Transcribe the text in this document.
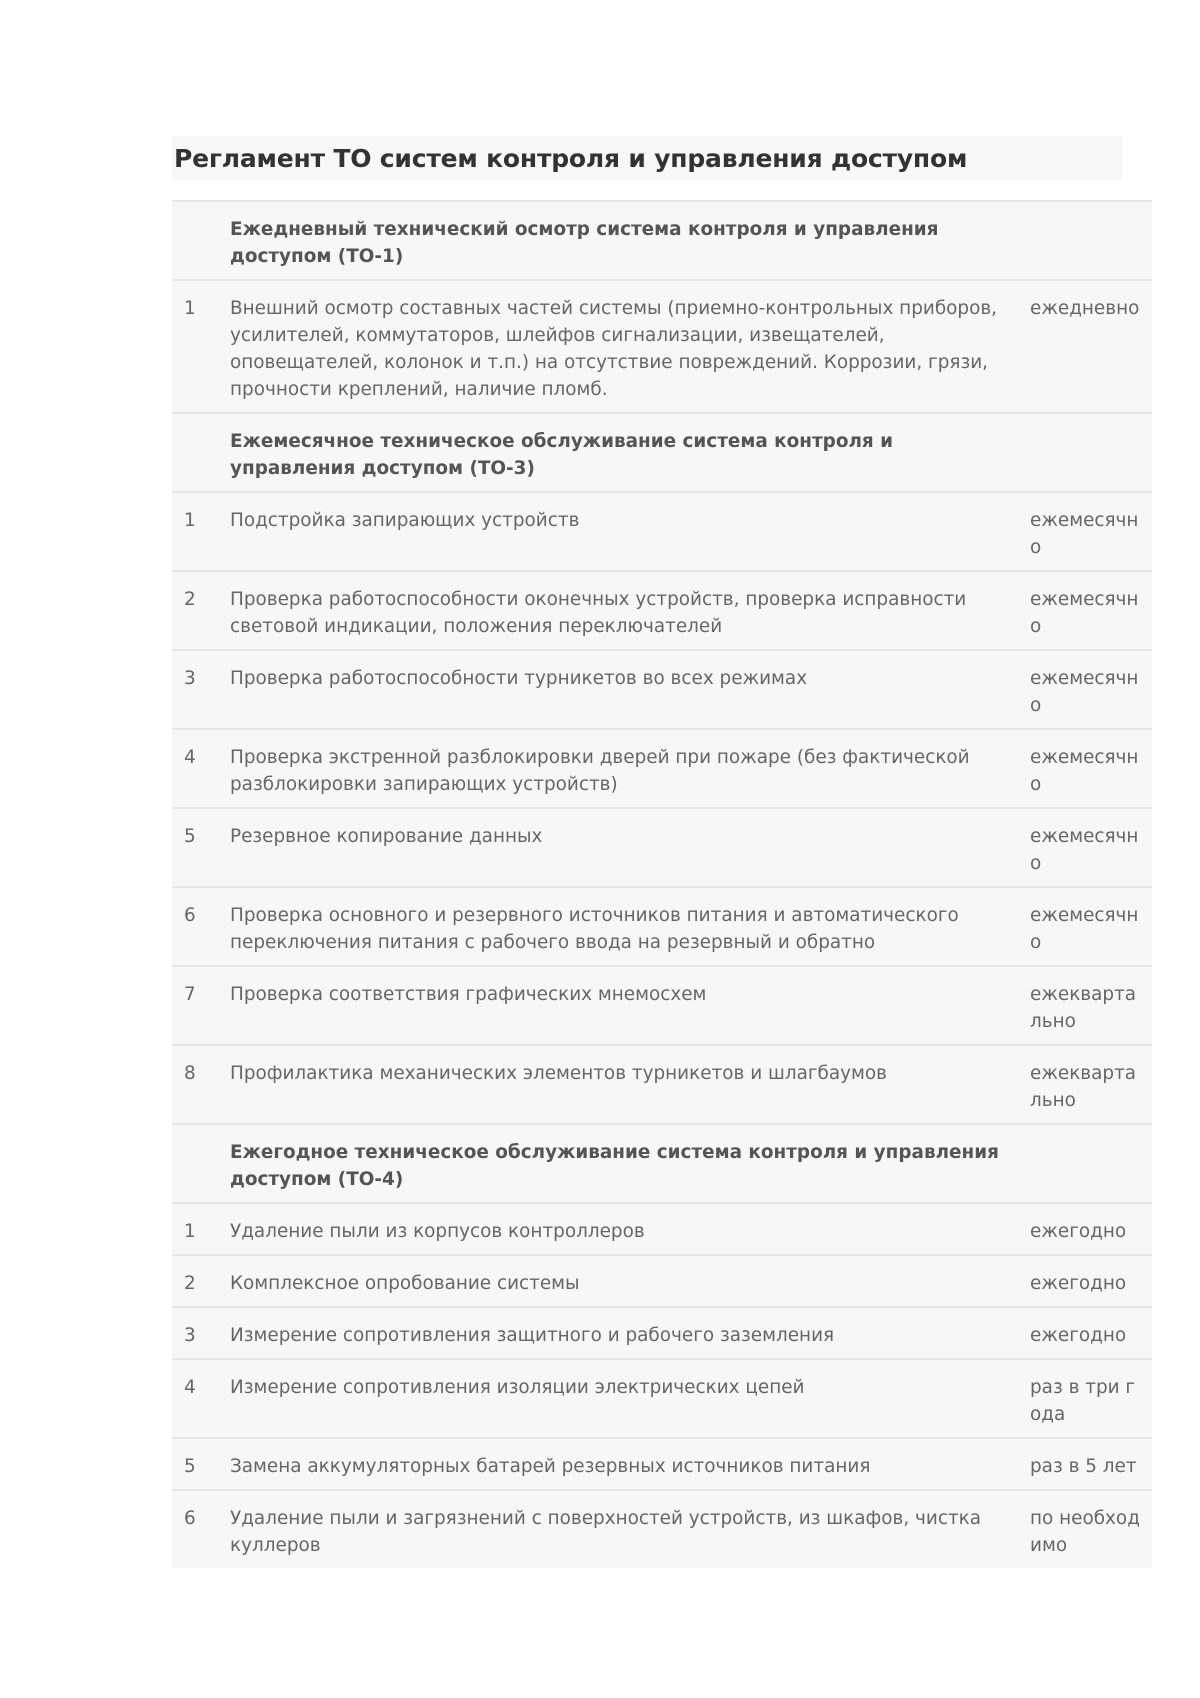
Регламент ТО систем контроля и управления доступом
	Ежедневный технический осмотр система контроля и управления доступом (ТО-1)	
1	Внешний осмотр составных частей системы (приемно-контрольных приборов, усилителей, коммутаторов, шлейфов сигнализации, извещателей, оповещателей, колонок и т.п.) на отсутствие повреждений. Коррозии, грязи, прочности креплений, наличие пломб.	ежедневно
	Ежемесячное техническое обслуживание система контроля и управления доступом (ТО-3)	
1	Подстройка запирающих устройств	ежемесячно
2	Проверка работоспособности оконечных устройств, проверка исправности световой индикации, положения переключателей	ежемесячно
3	Проверка работоспособности турникетов во всех режимах	ежемесячно
4	Проверка экстренной разблокировки дверей при пожаре (без фактической разблокировки запирающих устройств)	ежемесячно
5	Резервное копирование данных	ежемесячно
6	Проверка основного и резервного источников питания и автоматического переключения питания с рабочего ввода на резервный и обратно	ежемесячно
7	Проверка соответствия графических мнемосхем	ежеквартально
8	Профилактика механических элементов турникетов и шлагбаумов	ежеквартально
	Ежегодное техническое обслуживание система контроля и управления доступом (ТО-4)	
1	Удаление пыли из корпусов контроллеров	ежегодно
2	Комплексное опробование системы	ежегодно
3	Измерение сопротивления защитного и рабочего заземления	ежегодно
4	Измерение сопротивления изоляции электрических цепей	раз в три года
5	Замена аккумуляторных батарей резервных источников питания	раз в 5 лет
6	Удаление пыли и загрязнений с поверхностей устройств, из шкафов, чистка куллеров	по необходимо
